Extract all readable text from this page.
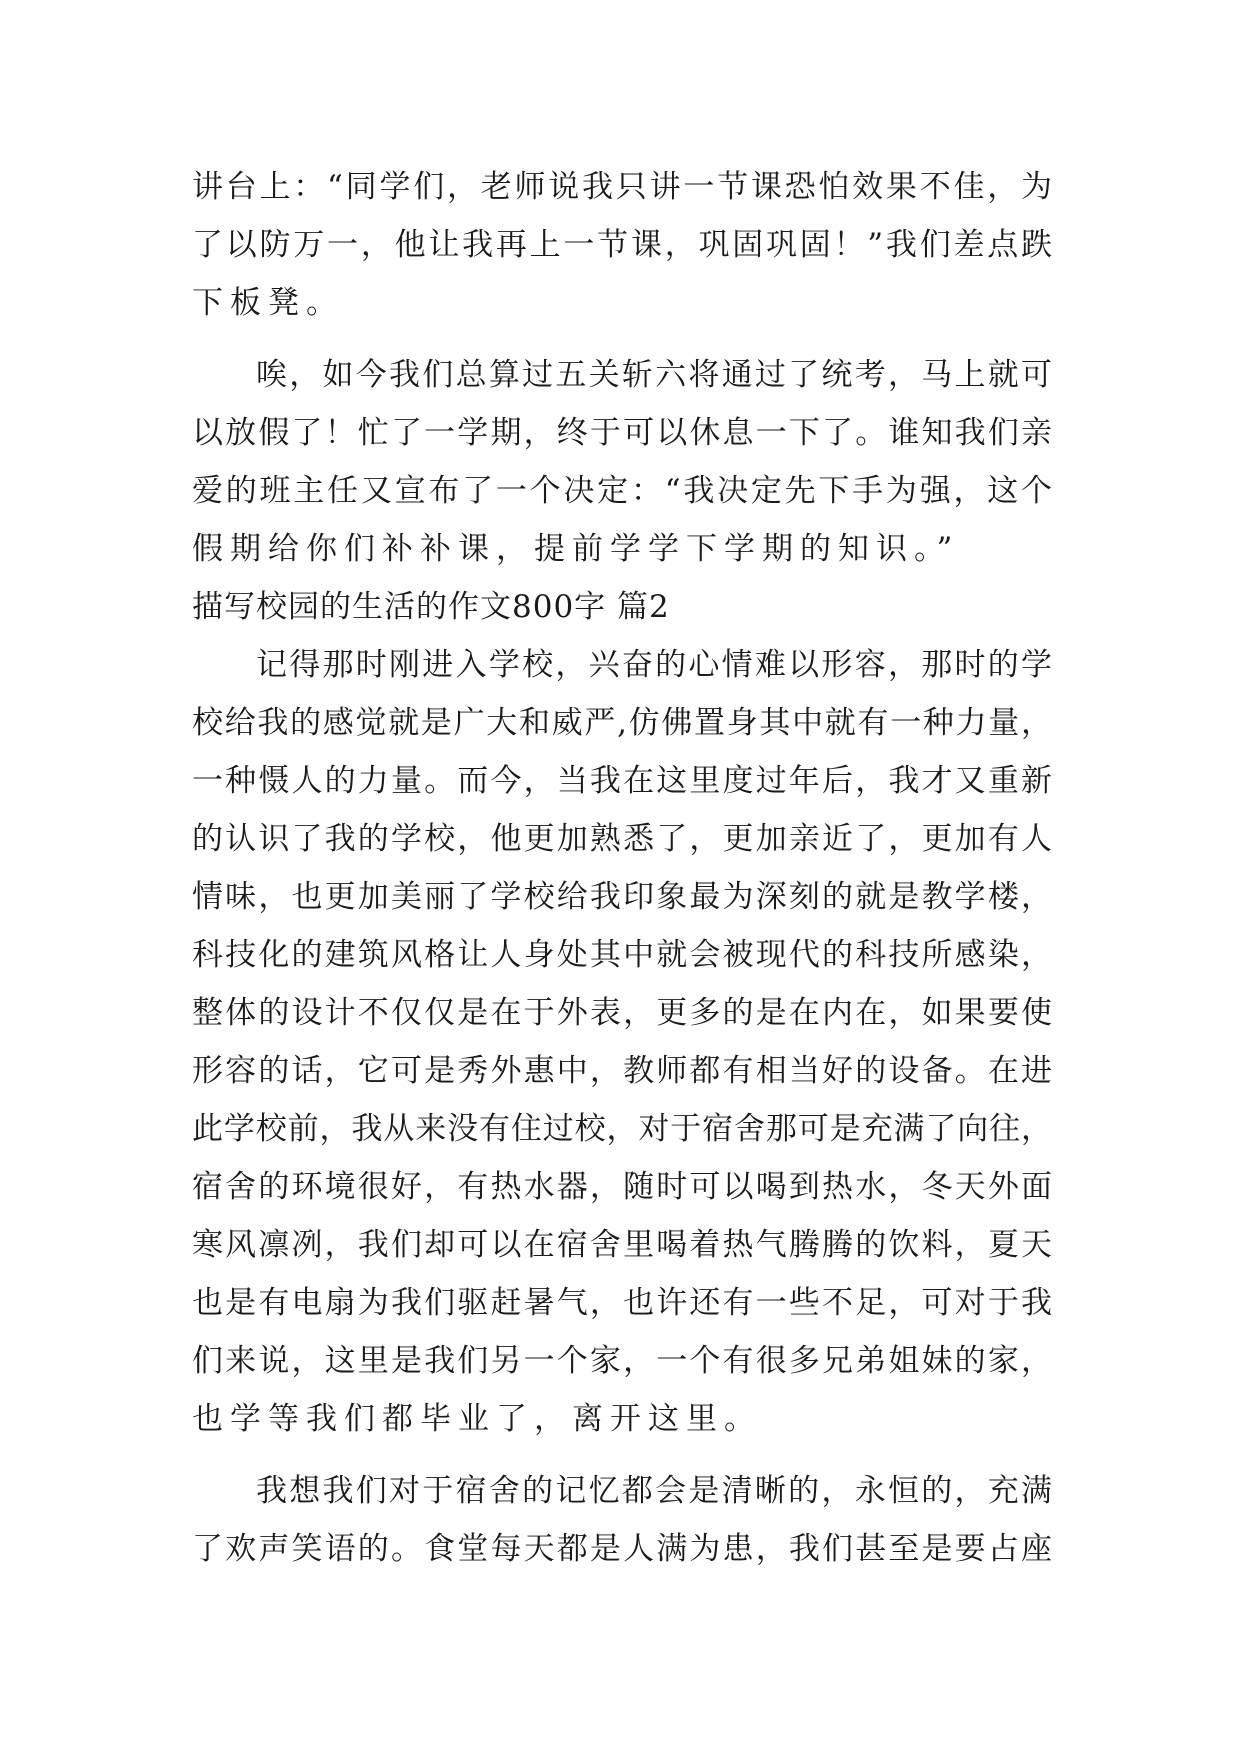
讲台上：“同学们，老师说我只讲一节课恐怕效果不佳，为
了以防万一，他让我再上一节课，巩固巩固！”我们差点跌
下板凳。
唉，如今我们总算过五关斩六将通过了统考，马上就可
以放假了！忙了一学期，终于可以休息一下了。谁知我们亲
爱的班主任又宣布了一个决定：“我决定先下手为强，这个
假期给你们补补课，提前学学下学期的知识。”
描写校园的生活的作文800字 篇2
记得那时刚进入学校，兴奋的心情难以形容，那时的学
校给我的感觉就是广大和威严,仿佛置身其中就有一种力量，
一种慑人的力量。而今，当我在这里度过年后，我才又重新
的认识了我的学校，他更加熟悉了，更加亲近了，更加有人
情味，也更加美丽了学校给我印象最为深刻的就是教学楼，
科技化的建筑风格让人身处其中就会被现代的科技所感染，
整体的设计不仅仅是在于外表，更多的是在内在，如果要使
形容的话，它可是秀外惠中，教师都有相当好的设备。在进
此学校前，我从来没有住过校，对于宿舍那可是充满了向往，
宿舍的环境很好，有热水器，随时可以喝到热水，冬天外面
寒风凛冽，我们却可以在宿舍里喝着热气腾腾的饮料，夏天
也是有电扇为我们驱赶暑气，也许还有一些不足，可对于我
们来说，这里是我们另一个家，一个有很多兄弟姐妹的家，
也学等我们都毕业了，离开这里。
我想我们对于宿舍的记忆都会是清晰的，永恒的，充满
了欢声笑语的。食堂每天都是人满为患，我们甚至是要占座
